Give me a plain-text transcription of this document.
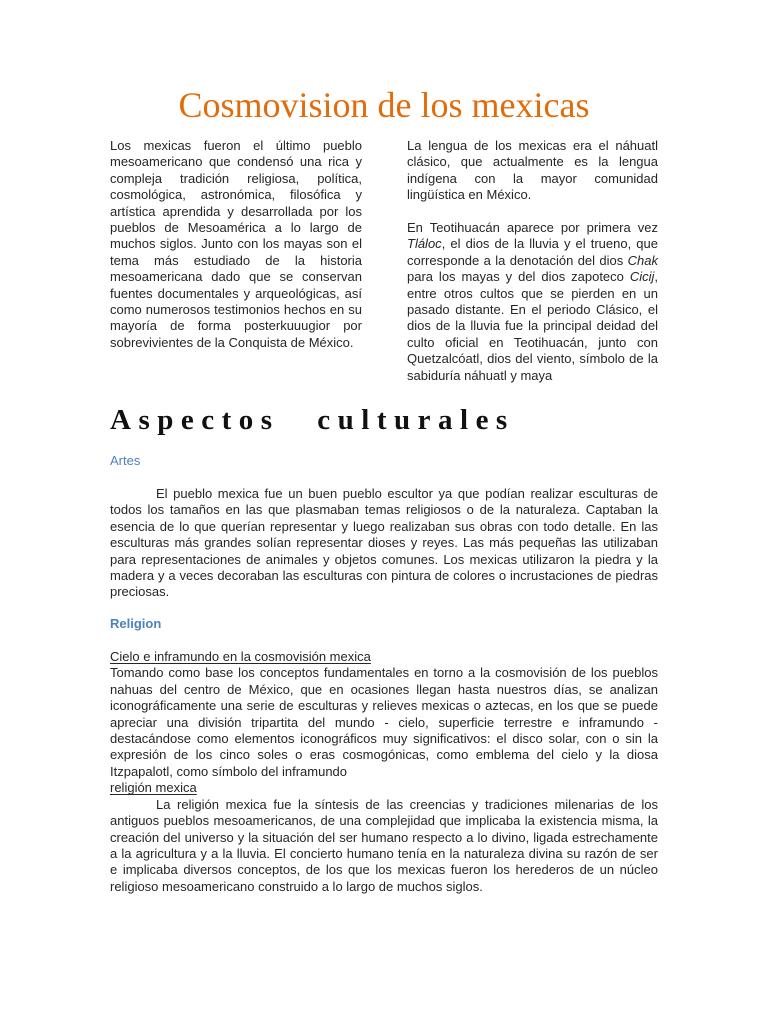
Cosmovision de los mexicas

Los mexicas fueron el último pueblo mesoamericano que condensó una rica y compleja tradición religiosa, política, cosmológica, astronómica, filosófica y artística aprendida y desarrollada por los pueblos de Mesoamérica a lo largo de muchos siglos. Junto con los mayas son el tema más estudiado de la historia mesoamericana dado que se conservan fuentes documentales y arqueológicas, así como numerosos testimonios hechos en su mayoría de forma posterkuuugior por sobrevivientes de la Conquista de México.

La lengua de los mexicas era el náhuatl clásico, que actualmente es la lengua indígena con la mayor comunidad lingüística en México.

En Teotihuacán aparece por primera vez Tláloc, el dios de la lluvia y el trueno, que corresponde a la denotación del dios Chak para los mayas y del dios zapoteco Cicij, entre otros cultos que se pierden en un pasado distante. En el periodo Clásico, el dios de la lluvia fue la principal deidad del culto oficial en Teotihuacán, junto con Quetzalcóatl, dios del viento, símbolo de la sabiduría náhuatl y maya

Aspectos culturales
Artes

El pueblo mexica fue un buen pueblo escultor ya que podían realizar esculturas de todos los tamaños en las que plasmaban temas religiosos o de la naturaleza. Captaban la esencia de lo que querían representar y luego realizaban sus obras con todo detalle. En las esculturas más grandes solían representar dioses y reyes. Las más pequeñas las utilizaban para representaciones de animales y objetos comunes. Los mexicas utilizaron la piedra y la madera y a veces decoraban las esculturas con pintura de colores o incrustaciones de piedras preciosas.

Religion
Cielo e inframundo en la cosmovisión mexica

Tomando como base los conceptos fundamentales en torno a la cosmovisión de los pueblos nahuas del centro de México, que en ocasiones llegan hasta nuestros días, se analizan iconográficamente una serie de esculturas y relieves mexicas o aztecas, en los que se puede apreciar una división tripartita del mundo - cielo, superficie terrestre e inframundo - destacándose como elementos iconográficos muy significativos: el disco solar, con o sin la expresión de los cinco soles o eras cosmogónicas, como emblema del cielo y la diosa Itzpapalotl, como símbolo del inframundo

religión mexica

La religión mexica fue la síntesis de las creencias y tradiciones milenarias de los antiguos pueblos mesoamericanos, de una complejidad que implicaba la existencia misma, la creación del universo y la situación del ser humano respecto a lo divino, ligada estrechamente a la agricultura y a la lluvia. El concierto humano tenía en la naturaleza divina su razón de ser e implicaba diversos conceptos, de los que los mexicas fueron los herederos de un núcleo religioso mesoamericano construido a lo largo de muchos siglos.
